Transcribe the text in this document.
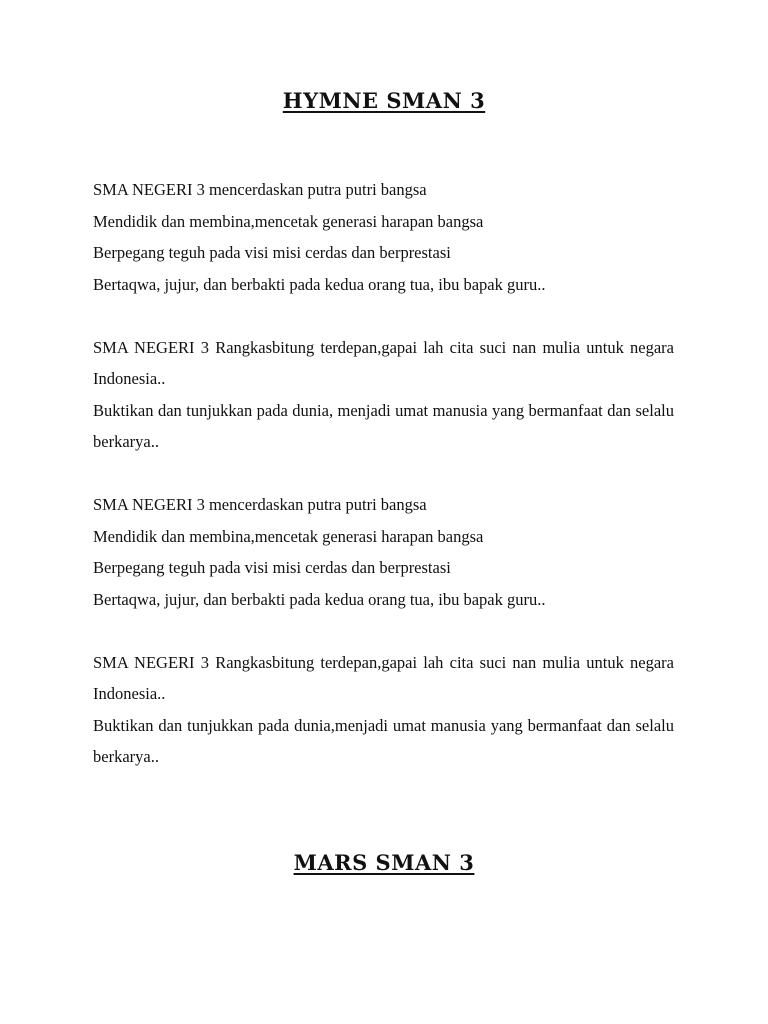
HYMNE SMAN 3
SMA NEGERI 3 mencerdaskan putra putri bangsa
Mendidik dan membina,mencetak generasi harapan bangsa
Berpegang teguh pada visi misi cerdas dan berprestasi
Bertaqwa, jujur, dan berbakti pada kedua orang tua, ibu bapak guru..
SMA NEGERI 3 Rangkasbitung terdepan,gapai lah cita suci nan mulia untuk negara Indonesia..
Buktikan dan tunjukkan pada dunia, menjadi umat manusia yang bermanfaat dan selalu berkarya..
SMA NEGERI 3 mencerdaskan putra putri bangsa
Mendidik dan membina,mencetak generasi harapan bangsa
Berpegang teguh pada visi misi cerdas dan berprestasi
Bertaqwa, jujur, dan berbakti pada kedua orang tua, ibu bapak guru..
SMA NEGERI 3 Rangkasbitung terdepan,gapai lah cita suci nan mulia untuk negara Indonesia..
Buktikan dan tunjukkan pada dunia,menjadi umat manusia yang bermanfaat dan selalu berkarya..
MARS SMAN 3
